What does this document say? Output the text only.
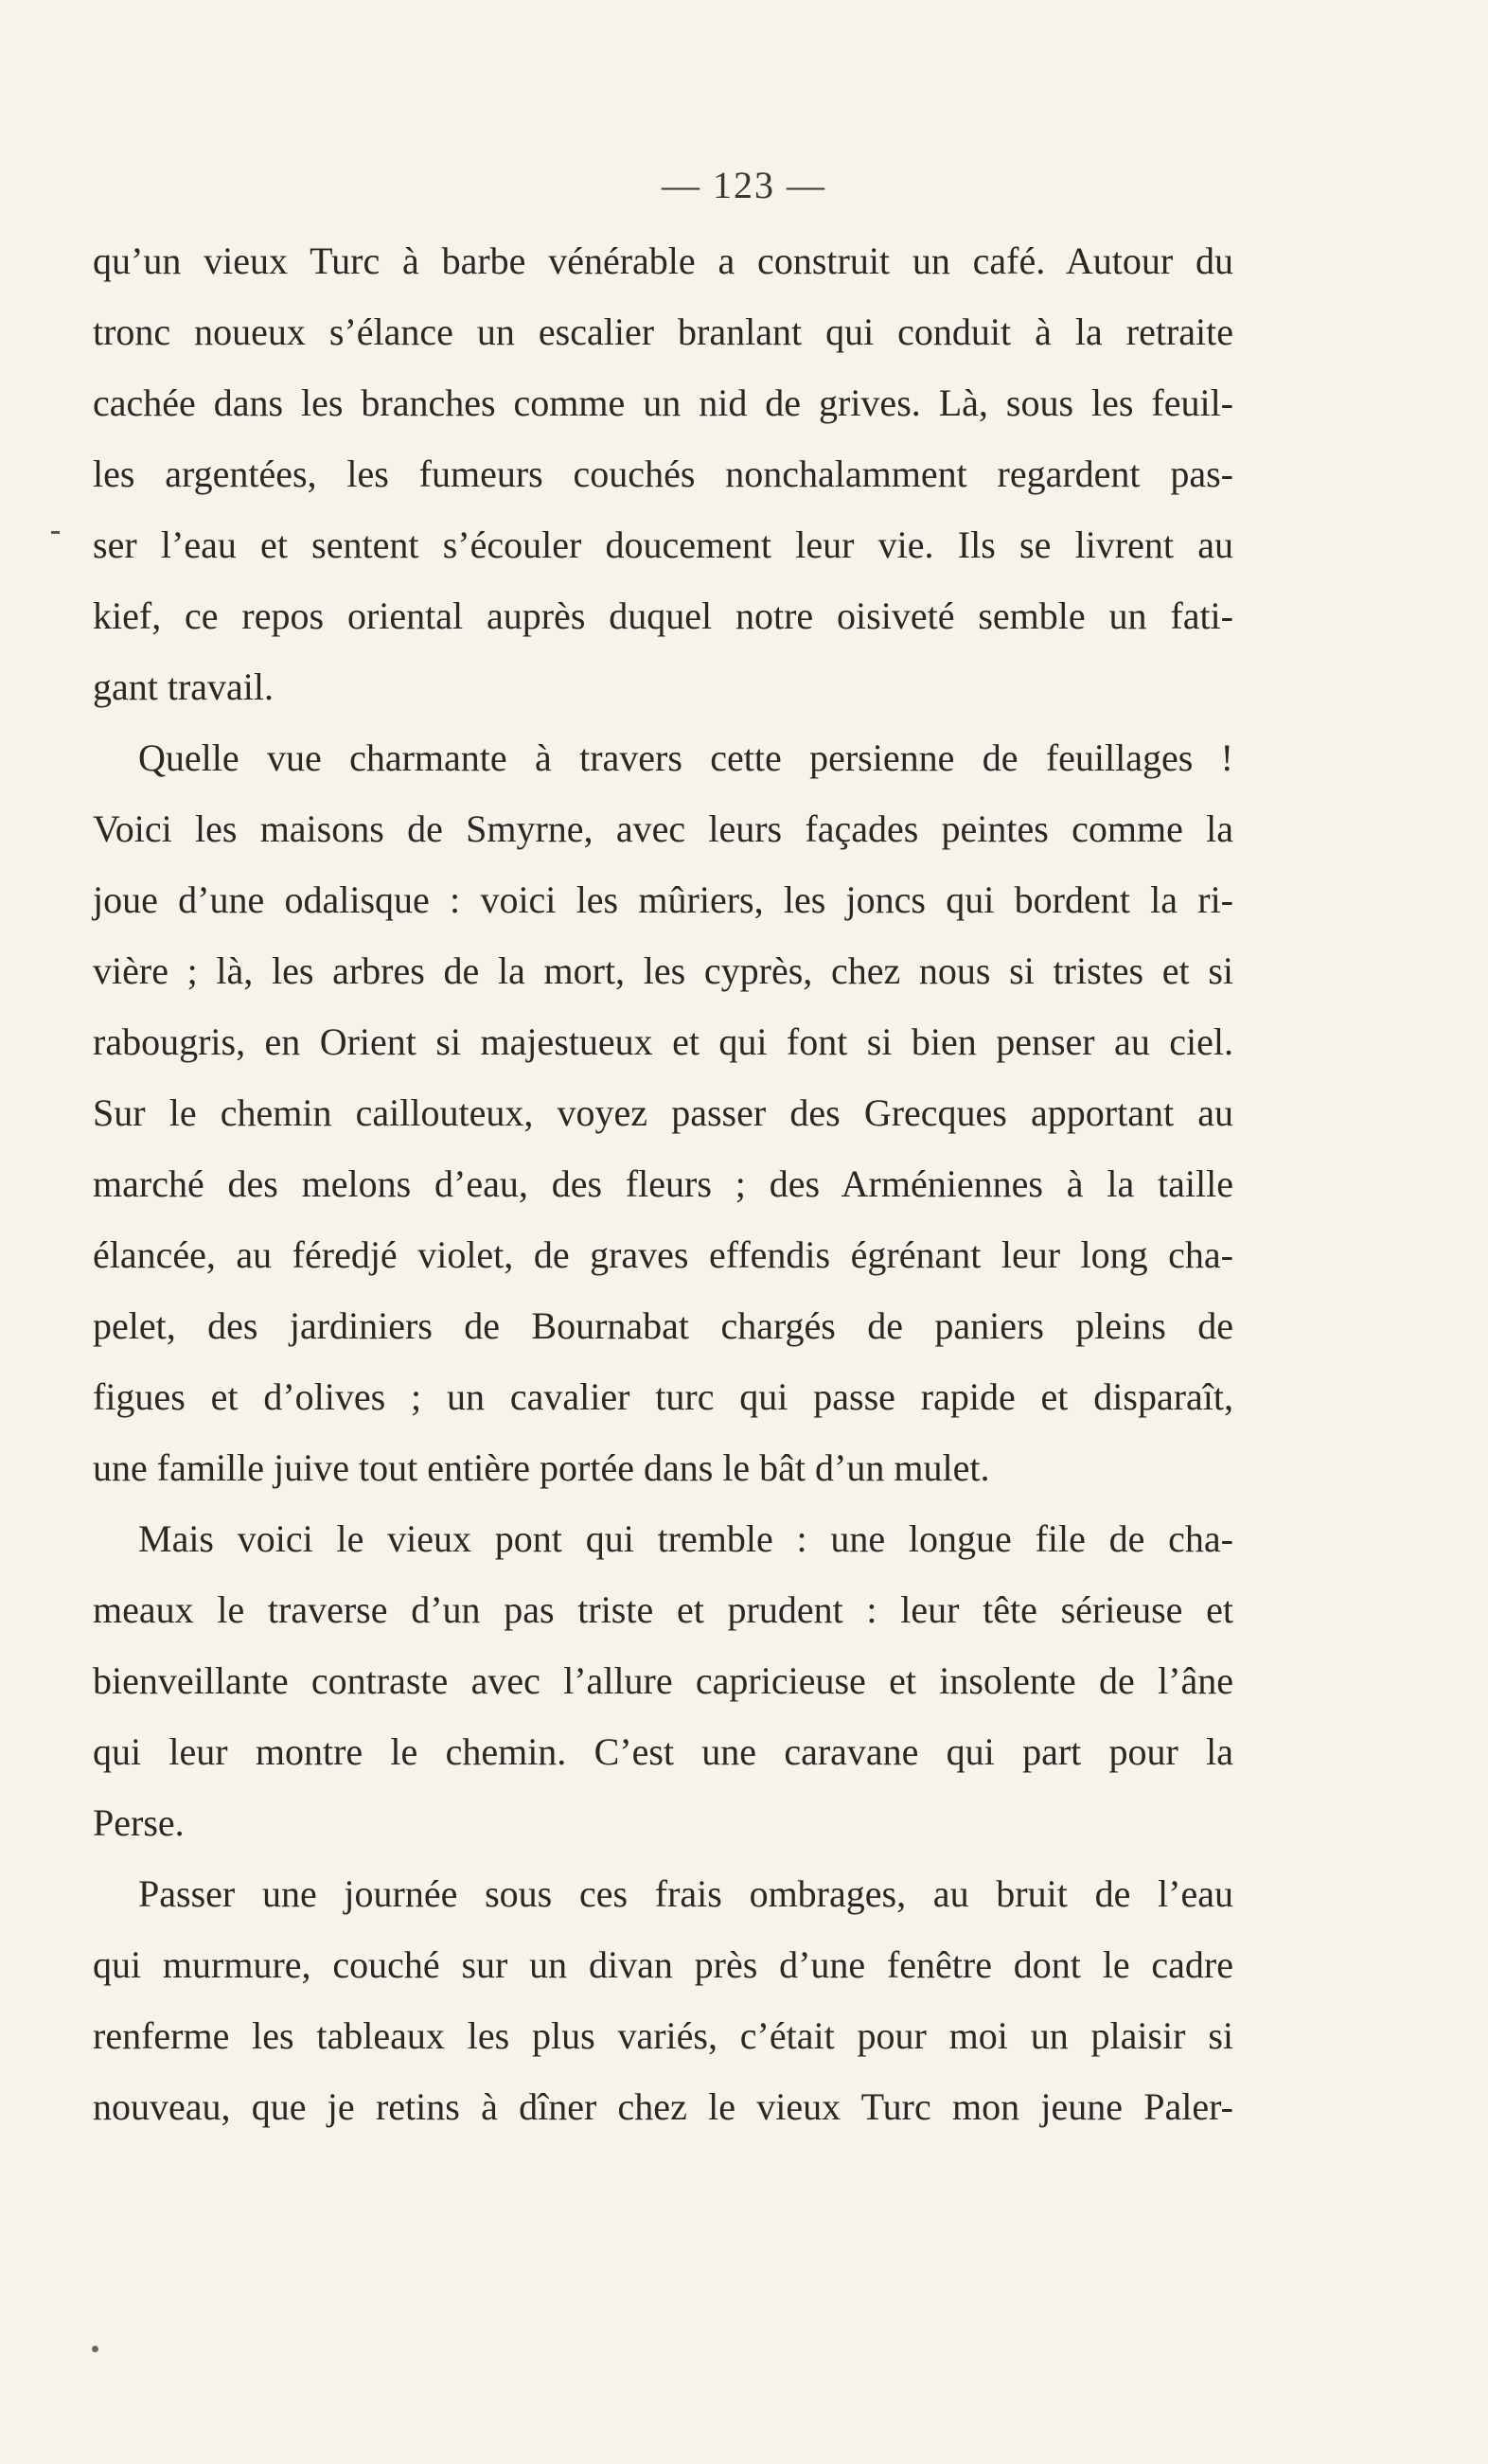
— 123 —
qu’un vieux Turc à barbe vénérable a construit un café. Autour du
tronc noueux s’élance un escalier branlant qui conduit à la retraite
cachée dans les branches comme un nid de grives. Là, sous les feuil-
les argentées, les fumeurs couchés nonchalamment regardent pas-
ser l’eau et sentent s’écouler doucement leur vie. Ils se livrent au
kief, ce repos oriental auprès duquel notre oisiveté semble un fati-
gant travail.
Quelle vue charmante à travers cette persienne de feuillages !
Voici les maisons de Smyrne, avec leurs façades peintes comme la
joue d’une odalisque : voici les mûriers, les joncs qui bordent la ri-
vière ; là, les arbres de la mort, les cyprès, chez nous si tristes et si
rabougris, en Orient si majestueux et qui font si bien penser au ciel.
Sur le chemin caillouteux, voyez passer des Grecques apportant au
marché des melons d’eau, des fleurs ; des Arméniennes à la taille
élancée, au féredjé violet, de graves effendis égrénant leur long cha-
pelet, des jardiniers de Bournabat chargés de paniers pleins de
figues et d’olives ; un cavalier turc qui passe rapide et disparaît,
une famille juive tout entière portée dans le bât d’un mulet.
Mais voici le vieux pont qui tremble : une longue file de cha-
meaux le traverse d’un pas triste et prudent : leur tête sérieuse et
bienveillante contraste avec l’allure capricieuse et insolente de l’âne
qui leur montre le chemin. C’est une caravane qui part pour la
Perse.
Passer une journée sous ces frais ombrages, au bruit de l’eau
qui murmure, couché sur un divan près d’une fenêtre dont le cadre
renferme les tableaux les plus variés, c’était pour moi un plaisir si
nouveau, que je retins à dîner chez le vieux Turc mon jeune Paler-
